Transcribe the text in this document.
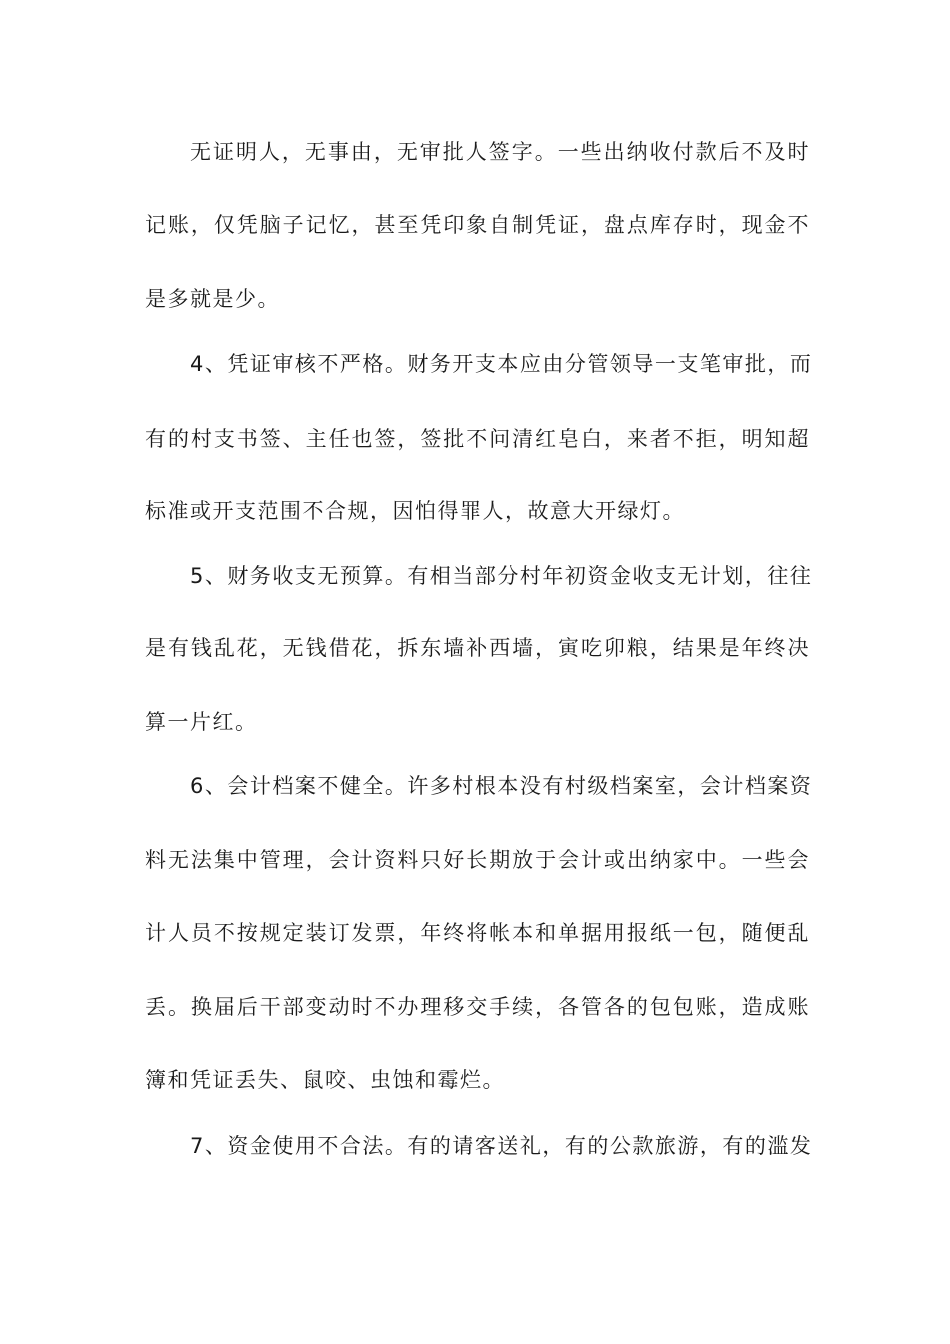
无证明人，无事由，无审批人签字。一些出纳收付款后不及时
记账，仅凭脑子记忆，甚至凭印象自制凭证，盘点库存时，现金不
是多就是少。
4、凭证审核不严格。财务开支本应由分管领导一支笔审批，而
有的村支书签、主任也签，签批不问清红皂白，来者不拒，明知超
标准或开支范围不合规，因怕得罪人，故意大开绿灯。
5、财务收支无预算。有相当部分村年初资金收支无计划，往往
是有钱乱花，无钱借花，拆东墙补西墙，寅吃卯粮，结果是年终决
算一片红。
6、会计档案不健全。许多村根本没有村级档案室，会计档案资
料无法集中管理，会计资料只好长期放于会计或出纳家中。一些会
计人员不按规定装订发票，年终将帐本和单据用报纸一包，随便乱
丢。换届后干部变动时不办理移交手续，各管各的包包账，造成账
簿和凭证丢失、鼠咬、虫蚀和霉烂。
7、资金使用不合法。有的请客送礼，有的公款旅游，有的滥发
